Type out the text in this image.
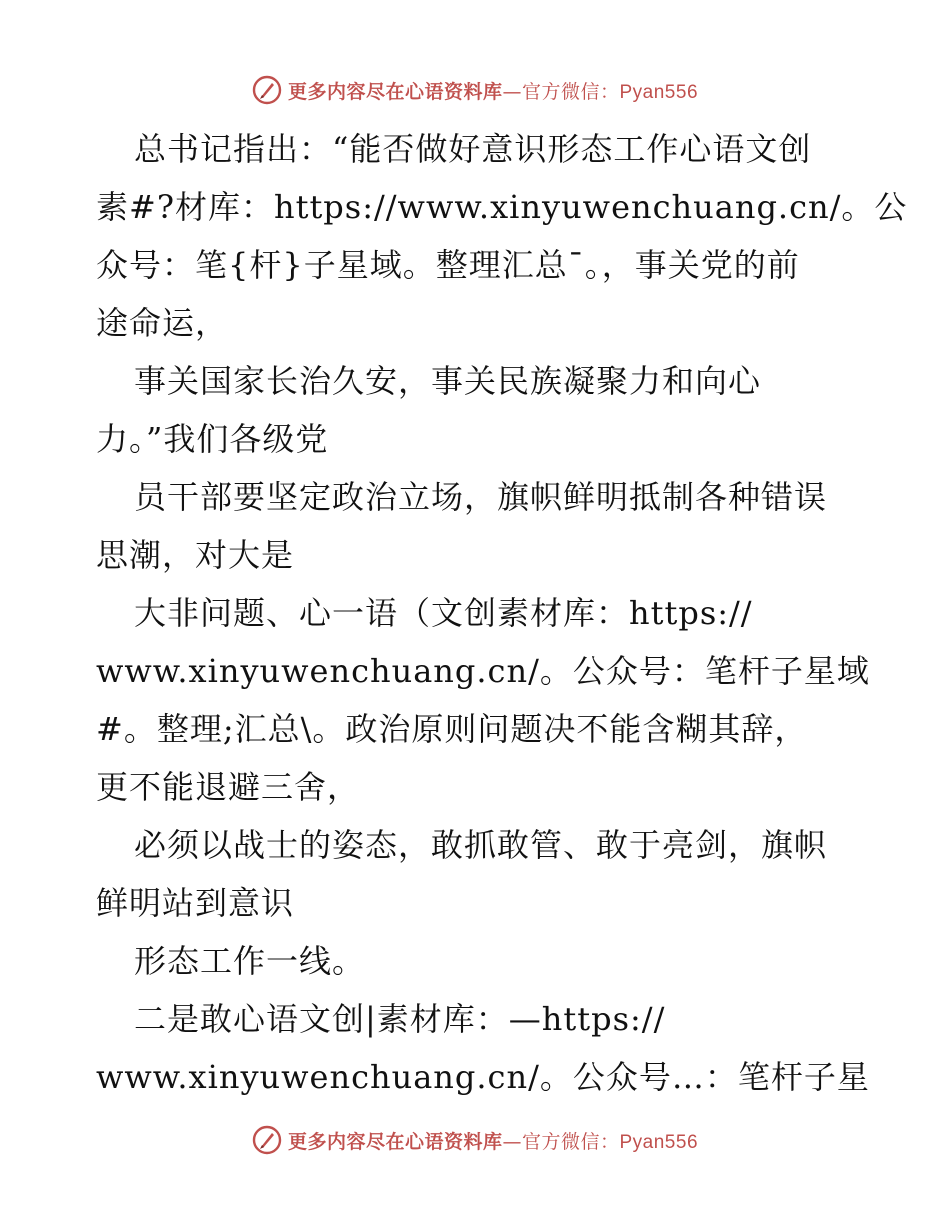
更多内容尽在心语资料库—官方微信：Pyan556
总书记指出：“能否做好意识形态工作心语文创
素#?材库：https://www.xinyuwenchuang.cn/。公
众号：笔{杆}子星域。整理汇总¯。，事关党的前
途命运，
事关国家长治久安，事关民族凝聚力和向心
力。”我们各级党
员干部要坚定政治立场，旗帜鲜明抵制各种错误
思潮，对大是
大非问题、心一语（文创素材库：https://
www.xinyuwenchuang.cn/。公众号：笔杆子星域
#。整理;汇总\。政治原则问题决不能含糊其辞，
更不能退避三舍，
必须以战士的姿态，敢抓敢管、敢于亮剑，旗帜
鲜明站到意识
形态工作一线。
二是敢心语文创|素材库：—https://
www.xinyuwenchuang.cn/。公众号…：笔杆子星
更多内容尽在心语资料库—官方微信：Pyan556
